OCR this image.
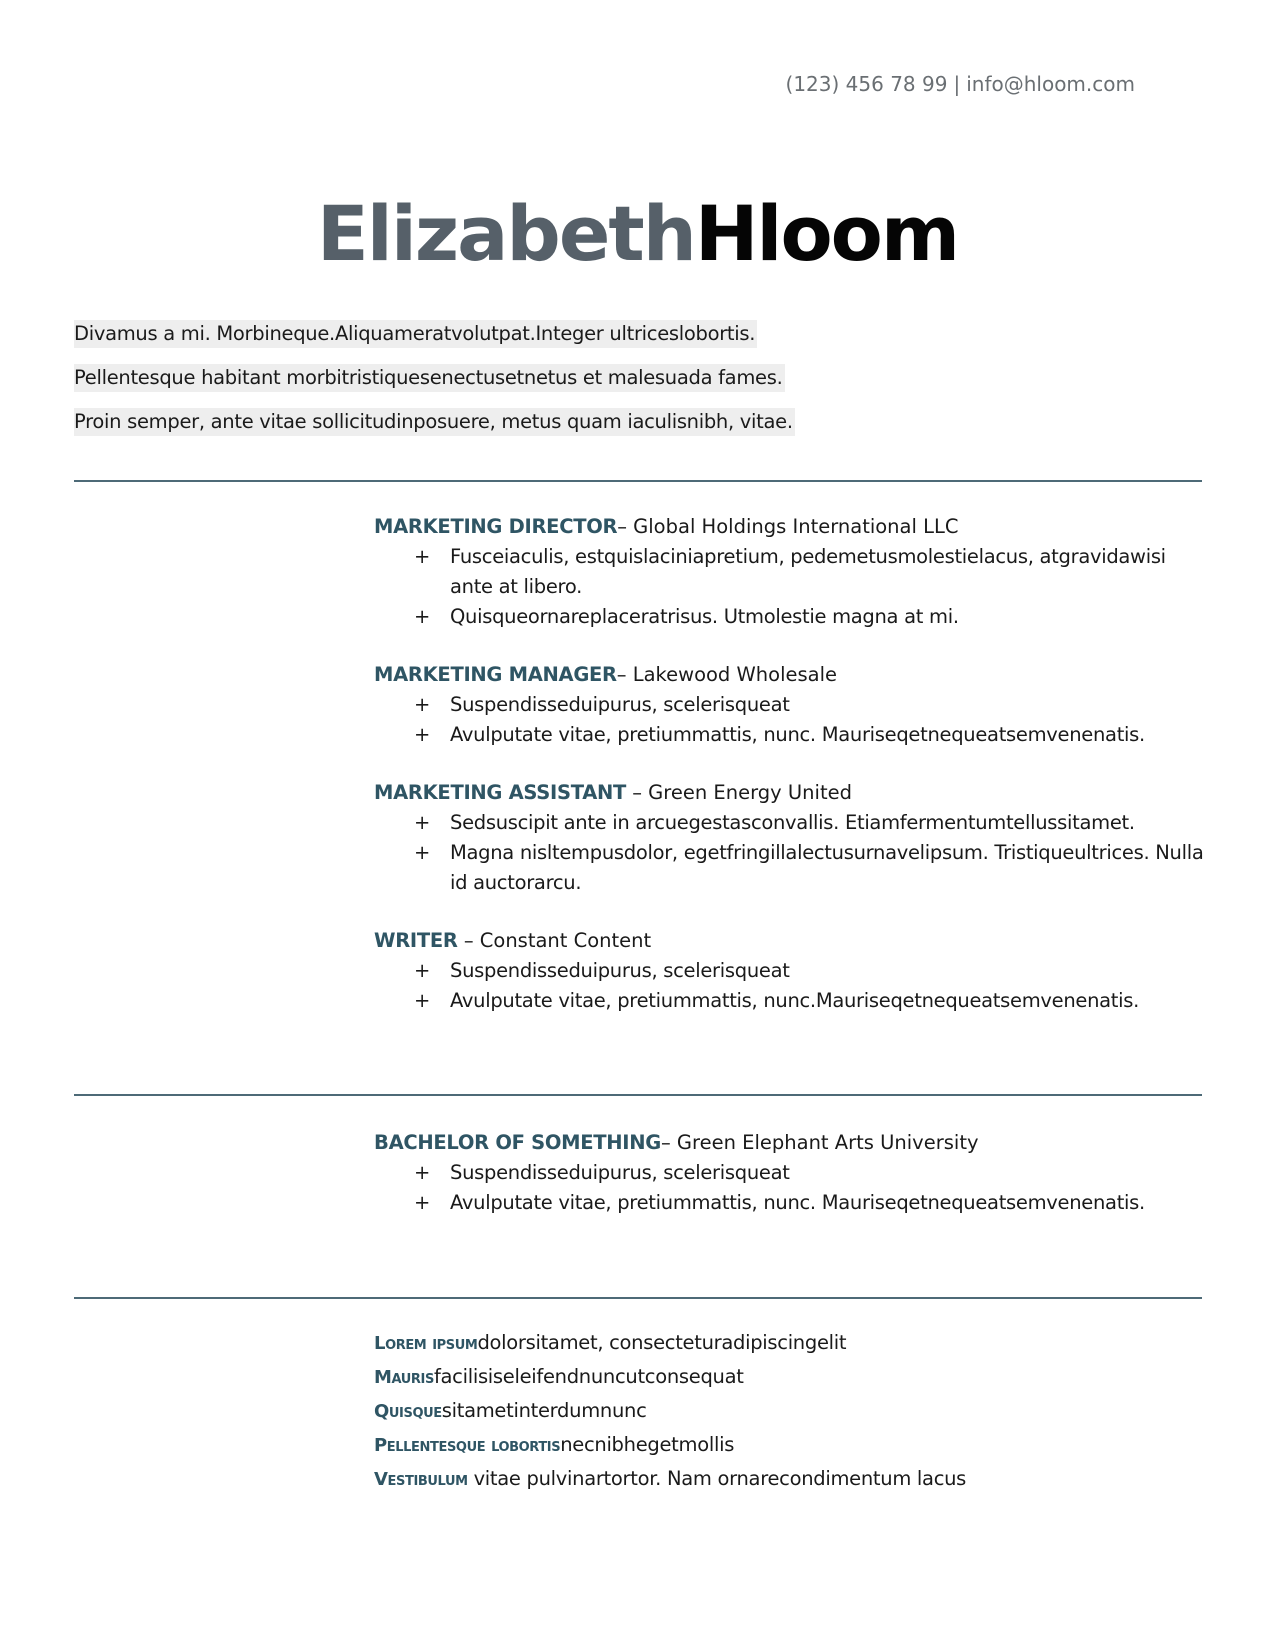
(123) 456 78 99 | info@hloom.com
ElizabethHloom
Divamus a mi. Morbineque.Aliquameratvolutpat.Integer ultriceslobortis.
Pellentesque habitant morbitristiquesenectusetnetus et malesuada fames.
Proin semper, ante vitae sollicitudinposuere, metus quam iaculisnibh, vitae.
MARKETING DIRECTOR– Global Holdings International LLC
+ Fusceiaculis, estquislaciniapretium, pedemetusmolestielacus, atgravidawisi ante at libero.
+ Quisqueornareplaceratrisus. Utmolestie magna at mi.
MARKETING MANAGER– Lakewood Wholesale
+ Suspendisseduipurus, scelerisqueat
+ Avulputate vitae, pretiummattis, nunc. Mauriseqetnequeatsemvenenatis.
MARKETING ASSISTANT – Green Energy United
+ Sedsuscipit ante in arcuegestasconvallis. Etiamfermentumtellussitamet.
+ Magna nisltempusdolor, egetfringillalectusurnavelipsum. Tristiqueultrices. Nulla id auctorarcu.
WRITER – Constant Content
+ Suspendisseduipurus, scelerisqueat
+ Avulputate vitae, pretiummattis, nunc.Mauriseqetnequeatsemvenenatis.
BACHELOR OF SOMETHING– Green Elephant Arts University
+ Suspendisseduipurus, scelerisqueat
+ Avulputate vitae, pretiummattis, nunc. Mauriseqetnequeatsemvenenatis.
Lorem ipsumdolorsitamet, consecteturadipiscingelit
Maurisfacilisiseleifendnuncutconsequat
Quisquesitametinterdumnunc
Pellentesque lobortisnecnibhegetmollis
Vestibulum vitae pulvinartortor. Nam ornarecondimentum lacus
